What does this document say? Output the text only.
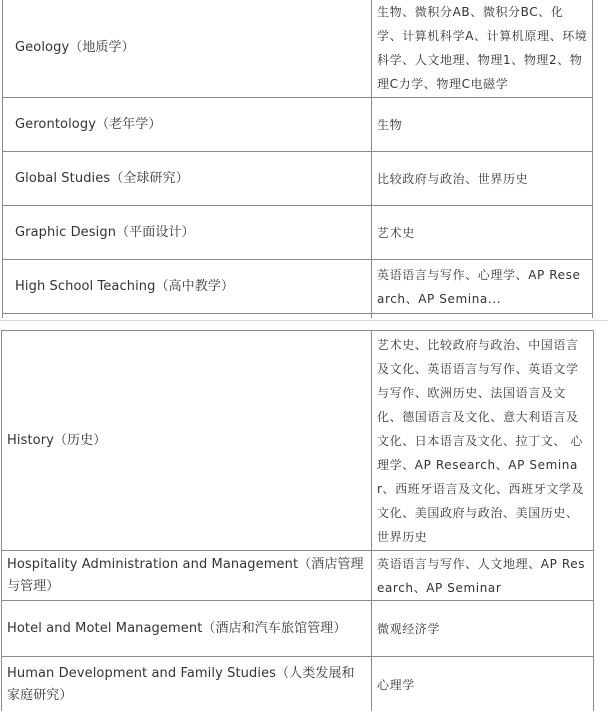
Geology（地质学）	生物、微积分AB、微积分BC、化学、计算机科学A、计算机原理、环境科学、人文地理、物理1、物理2、物理C力学、物理C电磁学
Gerontology（老年学）	生物
Global Studies（全球研究）	比较政府与政治、世界历史
Graphic Design（平面设计）	艺术史
High School Teaching（高中教学）	英语语言与写作、心理学、AP Research、AP Semina...

History（历史）	艺术史、比较政府与政治、中国语言及文化、英语语言与写作、英语文学与写作、欧洲历史、法国语言及文化、德国语言及文化、意大利语言及文化、日本语言及文化、拉丁文、 心理学、AP Research、AP Seminar、西班牙语言及文化、西班牙文学及文化、美国政府与政治、美国历史、世界历史
Hospitality Administration and Management（酒店管理与管理）	英语语言与写作、人文地理、AP Research、AP Seminar
Hotel and Motel Management（酒店和汽车旅馆管理）	微观经济学
Human Development and Family Studies（人类发展和家庭研究）	心理学
